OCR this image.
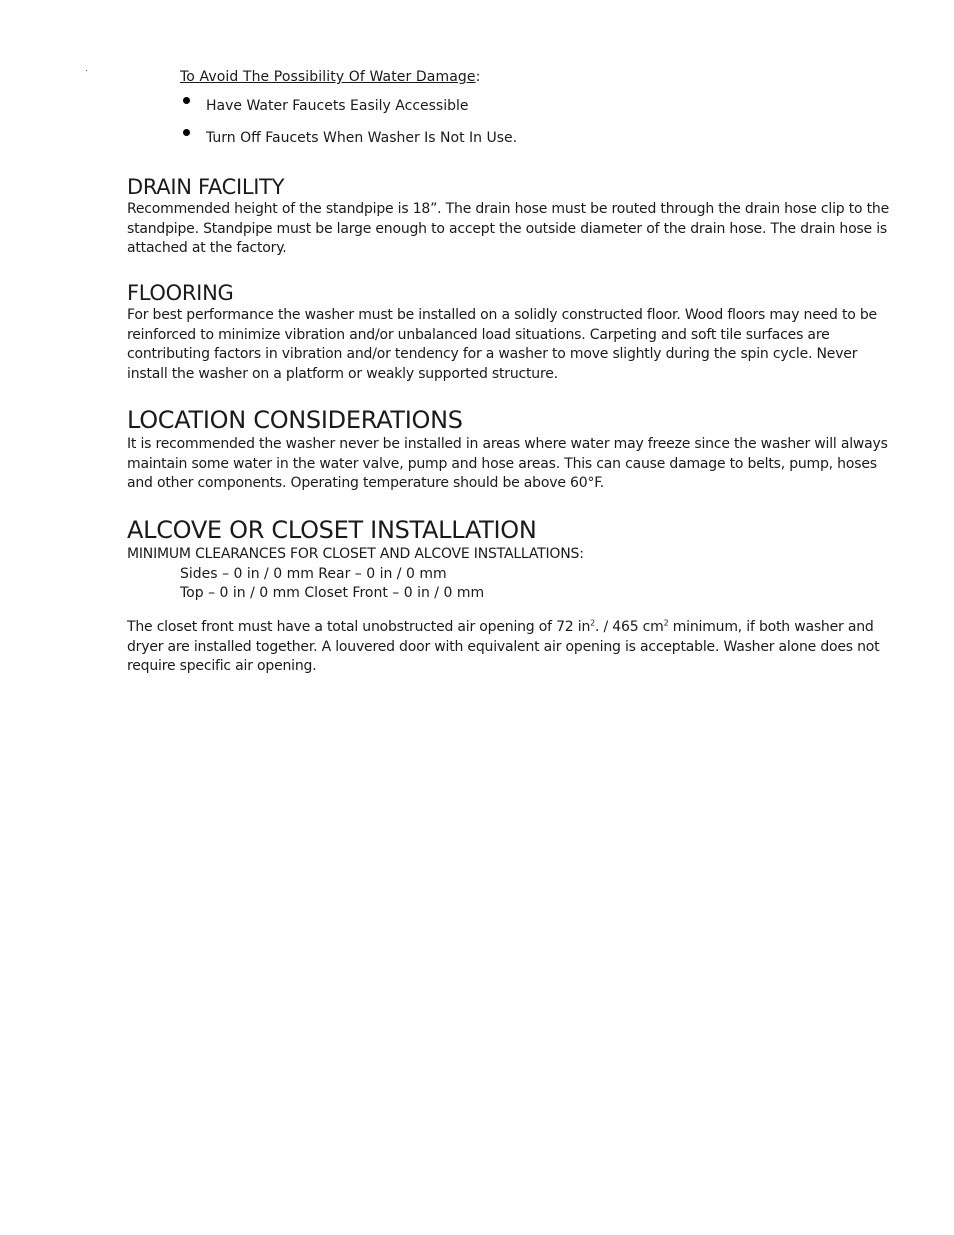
To Avoid The Possibility Of Water Damage:
Have Water Faucets Easily Accessible
Turn Off Faucets When Washer Is Not In Use.
DRAIN FACILITY

Recommended height of the standpipe is 18”. The drain hose must be routed through the drain hose clip to the standpipe. Standpipe must be large enough to accept the outside diameter of the drain hose. The drain hose is attached at the factory.

FLOORING

For best performance the washer must be installed on a solidly constructed floor. Wood floors may need to be reinforced to minimize vibration and/or unbalanced load situations. Carpeting and soft tile surfaces are contributing factors in vibration and/or tendency for a washer to move slightly during the spin cycle. Never install the washer on a platform or weakly supported structure.

LOCATION CONSIDERATIONS

It is recommended the washer never be installed in areas where water may freeze since the washer will always maintain some water in the water valve, pump and hose areas. This can cause damage to belts, pump, hoses and other components. Operating temperature should be above 60°F.

ALCOVE OR CLOSET INSTALLATION

MINIMUM CLEARANCES FOR CLOSET AND ALCOVE INSTALLATIONS:

Sides – 0 in / 0 mm Rear – 0 in / 0 mm

Top – 0 in / 0 mm Closet Front – 0 in / 0 mm

The closet front must have a total unobstructed air opening of 72 $in^2$. / 465 $cm^2$ minimum, if both washer and dryer are installed together. A louvered door with equivalent air opening is acceptable. Washer alone does not require specific air opening.
